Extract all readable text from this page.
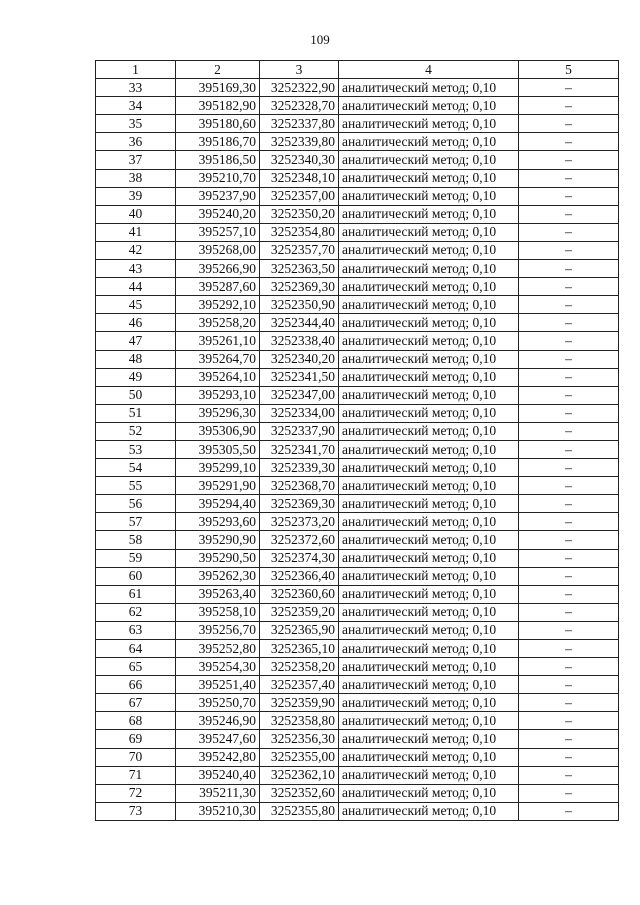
109
1	2	3	4	5
33	395169,30	3252322,90	аналитический метод; 0,10	–
34	395182,90	3252328,70	аналитический метод; 0,10	–
35	395180,60	3252337,80	аналитический метод; 0,10	–
36	395186,70	3252339,80	аналитический метод; 0,10	–
37	395186,50	3252340,30	аналитический метод; 0,10	–
38	395210,70	3252348,10	аналитический метод; 0,10	–
39	395237,90	3252357,00	аналитический метод; 0,10	–
40	395240,20	3252350,20	аналитический метод; 0,10	–
41	395257,10	3252354,80	аналитический метод; 0,10	–
42	395268,00	3252357,70	аналитический метод; 0,10	–
43	395266,90	3252363,50	аналитический метод; 0,10	–
44	395287,60	3252369,30	аналитический метод; 0,10	–
45	395292,10	3252350,90	аналитический метод; 0,10	–
46	395258,20	3252344,40	аналитический метод; 0,10	–
47	395261,10	3252338,40	аналитический метод; 0,10	–
48	395264,70	3252340,20	аналитический метод; 0,10	–
49	395264,10	3252341,50	аналитический метод; 0,10	–
50	395293,10	3252347,00	аналитический метод; 0,10	–
51	395296,30	3252334,00	аналитический метод; 0,10	–
52	395306,90	3252337,90	аналитический метод; 0,10	–
53	395305,50	3252341,70	аналитический метод; 0,10	–
54	395299,10	3252339,30	аналитический метод; 0,10	–
55	395291,90	3252368,70	аналитический метод; 0,10	–
56	395294,40	3252369,30	аналитический метод; 0,10	–
57	395293,60	3252373,20	аналитический метод; 0,10	–
58	395290,90	3252372,60	аналитический метод; 0,10	–
59	395290,50	3252374,30	аналитический метод; 0,10	–
60	395262,30	3252366,40	аналитический метод; 0,10	–
61	395263,40	3252360,60	аналитический метод; 0,10	–
62	395258,10	3252359,20	аналитический метод; 0,10	–
63	395256,70	3252365,90	аналитический метод; 0,10	–
64	395252,80	3252365,10	аналитический метод; 0,10	–
65	395254,30	3252358,20	аналитический метод; 0,10	–
66	395251,40	3252357,40	аналитический метод; 0,10	–
67	395250,70	3252359,90	аналитический метод; 0,10	–
68	395246,90	3252358,80	аналитический метод; 0,10	–
69	395247,60	3252356,30	аналитический метод; 0,10	–
70	395242,80	3252355,00	аналитический метод; 0,10	–
71	395240,40	3252362,10	аналитический метод; 0,10	–
72	395211,30	3252352,60	аналитический метод; 0,10	–
73	395210,30	3252355,80	аналитический метод; 0,10	–
